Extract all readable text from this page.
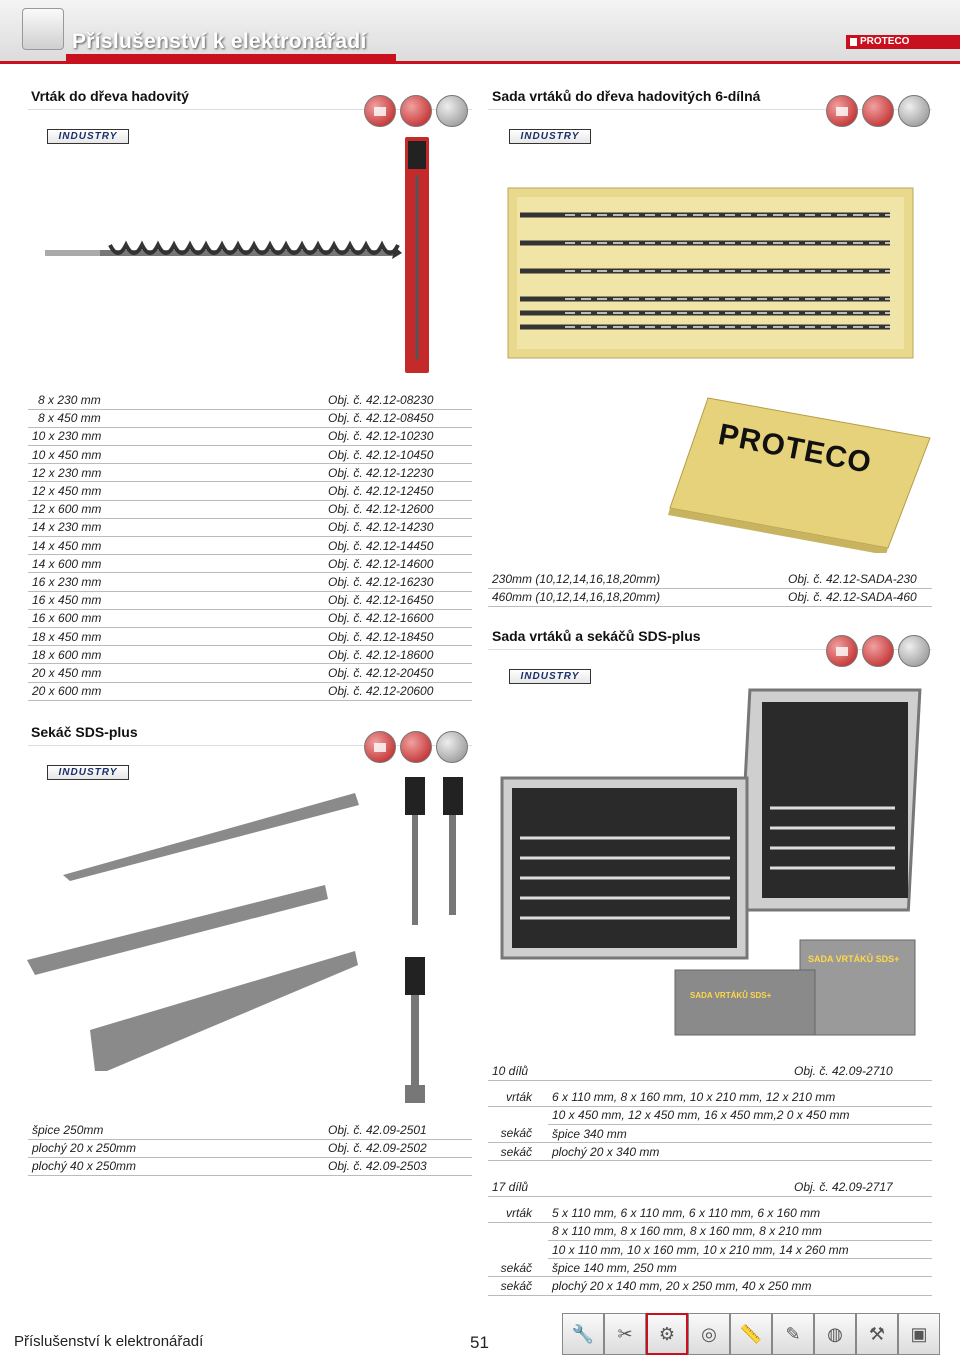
Příslušenství k elektronářadí	PROTECO
Vrták do dřeva hadovitý
INDUSTRY
8 x 230 mm	Obj. č. 42.12-08230
8 x 450 mm	Obj. č. 42.12-08450
10 x 230 mm	Obj. č. 42.12-10230
10 x 450 mm	Obj. č. 42.12-10450
12 x 230 mm	Obj. č. 42.12-12230
12 x 450 mm	Obj. č. 42.12-12450
12 x 600 mm	Obj. č. 42.12-12600
14 x 230 mm	Obj. č. 42.12-14230
14 x 450 mm	Obj. č. 42.12-14450
14 x 600 mm	Obj. č. 42.12-14600
16 x 230 mm	Obj. č. 42.12-16230
16 x 450 mm	Obj. č. 42.12-16450
16 x 600 mm	Obj. č. 42.12-16600
18 x 450 mm	Obj. č. 42.12-18450
18 x 600 mm	Obj. č. 42.12-18600
20 x 450 mm	Obj. č. 42.12-20450
20 x 600 mm	Obj. č. 42.12-20600
Sada vrtáků do dřeva hadovitých 6-dílná
INDUSTRY
PROTECO
230mm (10,12,14,16,18,20mm)	Obj. č. 42.12-SADA-230
460mm (10,12,14,16,18,20mm)	Obj. č. 42.12-SADA-460
Sada vrtáků a sekáčů SDS-plus
INDUSTRY
SADA VRTÁKŮ SDS+
SADA VRTÁKŮ SDS+
10 dílů		Obj. č. 42.09-2710

vrták	6 x 110 mm, 8 x 160 mm, 10 x 210 mm, 12 x 210 mm	
	10 x 450 mm, 12 x 450 mm, 16 x 450 mm,2 0 x 450 mm	
sekáč	špice 340 mm	
sekáč	plochý 20 x 340 mm	
17 dílů		Obj. č. 42.09-2717

vrták	5 x 110 mm, 6 x 110 mm, 6 x 110 mm, 6 x 160 mm	
	8 x 110 mm, 8 x 160 mm, 8 x 160 mm, 8 x 210 mm	
	10 x 110 mm, 10 x 160 mm, 10 x 210 mm, 14 x 260 mm	
sekáč	špice 140 mm, 250 mm	
sekáč	plochý 20 x 140 mm, 20 x 250 mm, 40 x 250 mm	
Sekáč SDS-plus
INDUSTRY
špice 250mm	Obj. č. 42.09-2501
plochý 20 x 250mm	Obj. č. 42.09-2502
plochý 40 x 250mm	Obj. č. 42.09-2503
Příslušenství k elektronářadí	51	🔧	✂	⚙	◎	📏	✎	◍	⚒	▣
